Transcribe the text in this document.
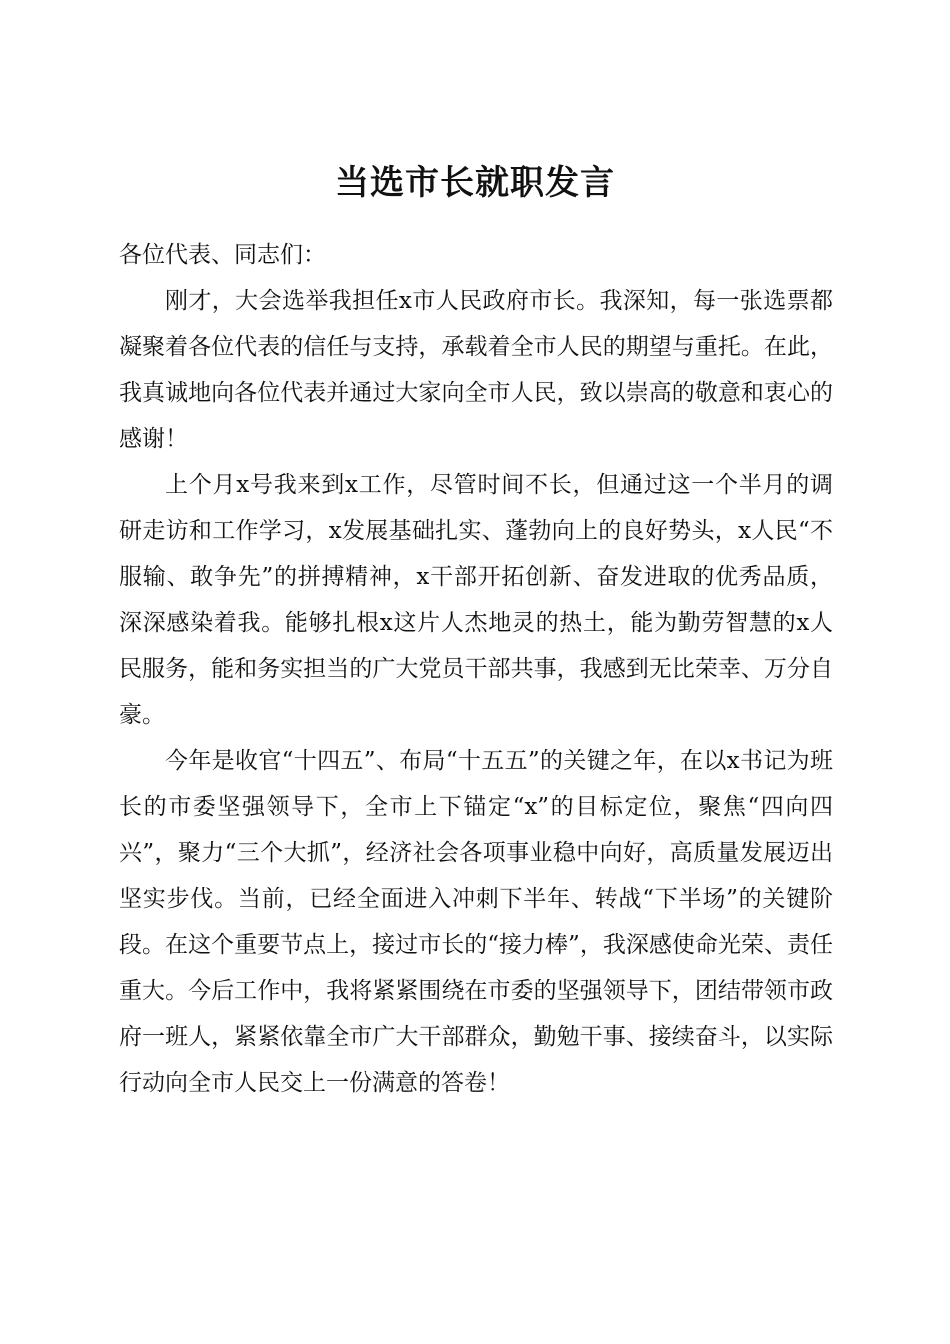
当选市长就职发言

各位代表、同志们：

刚才，大会选举我担任x市人民政府市长。我深知，每一张选票都凝聚着各位代表的信任与支持，承载着全市人民的期望与重托。在此，我真诚地向各位代表并通过大家向全市人民，致以崇高的敬意和衷心的感谢！

上个月x号我来到x工作，尽管时间不长，但通过这一个半月的调研走访和工作学习，x发展基础扎实、蓬勃向上的良好势头，x人民“不服输、敢争先”的拼搏精神，x干部开拓创新、奋发进取的优秀品质，深深感染着我。能够扎根x这片人杰地灵的热土，能为勤劳智慧的x人民服务，能和务实担当的广大党员干部共事，我感到无比荣幸、万分自豪。

今年是收官“十四五”、布局“十五五”的关键之年，在以x书记为班长的市委坚强领导下，全市上下锚定“x”的目标定位，聚焦“四向四兴”，聚力“三个大抓”，经济社会各项事业稳中向好，高质量发展迈出坚实步伐。当前，已经全面进入冲刺下半年、转战“下半场”的关键阶段。在这个重要节点上，接过市长的“接力棒”，我深感使命光荣、责任重大。今后工作中，我将紧紧围绕在市委的坚强领导下，团结带领市政府一班人，紧紧依靠全市广大干部群众，勤勉干事、接续奋斗，以实际行动向全市人民交上一份满意的答卷！
